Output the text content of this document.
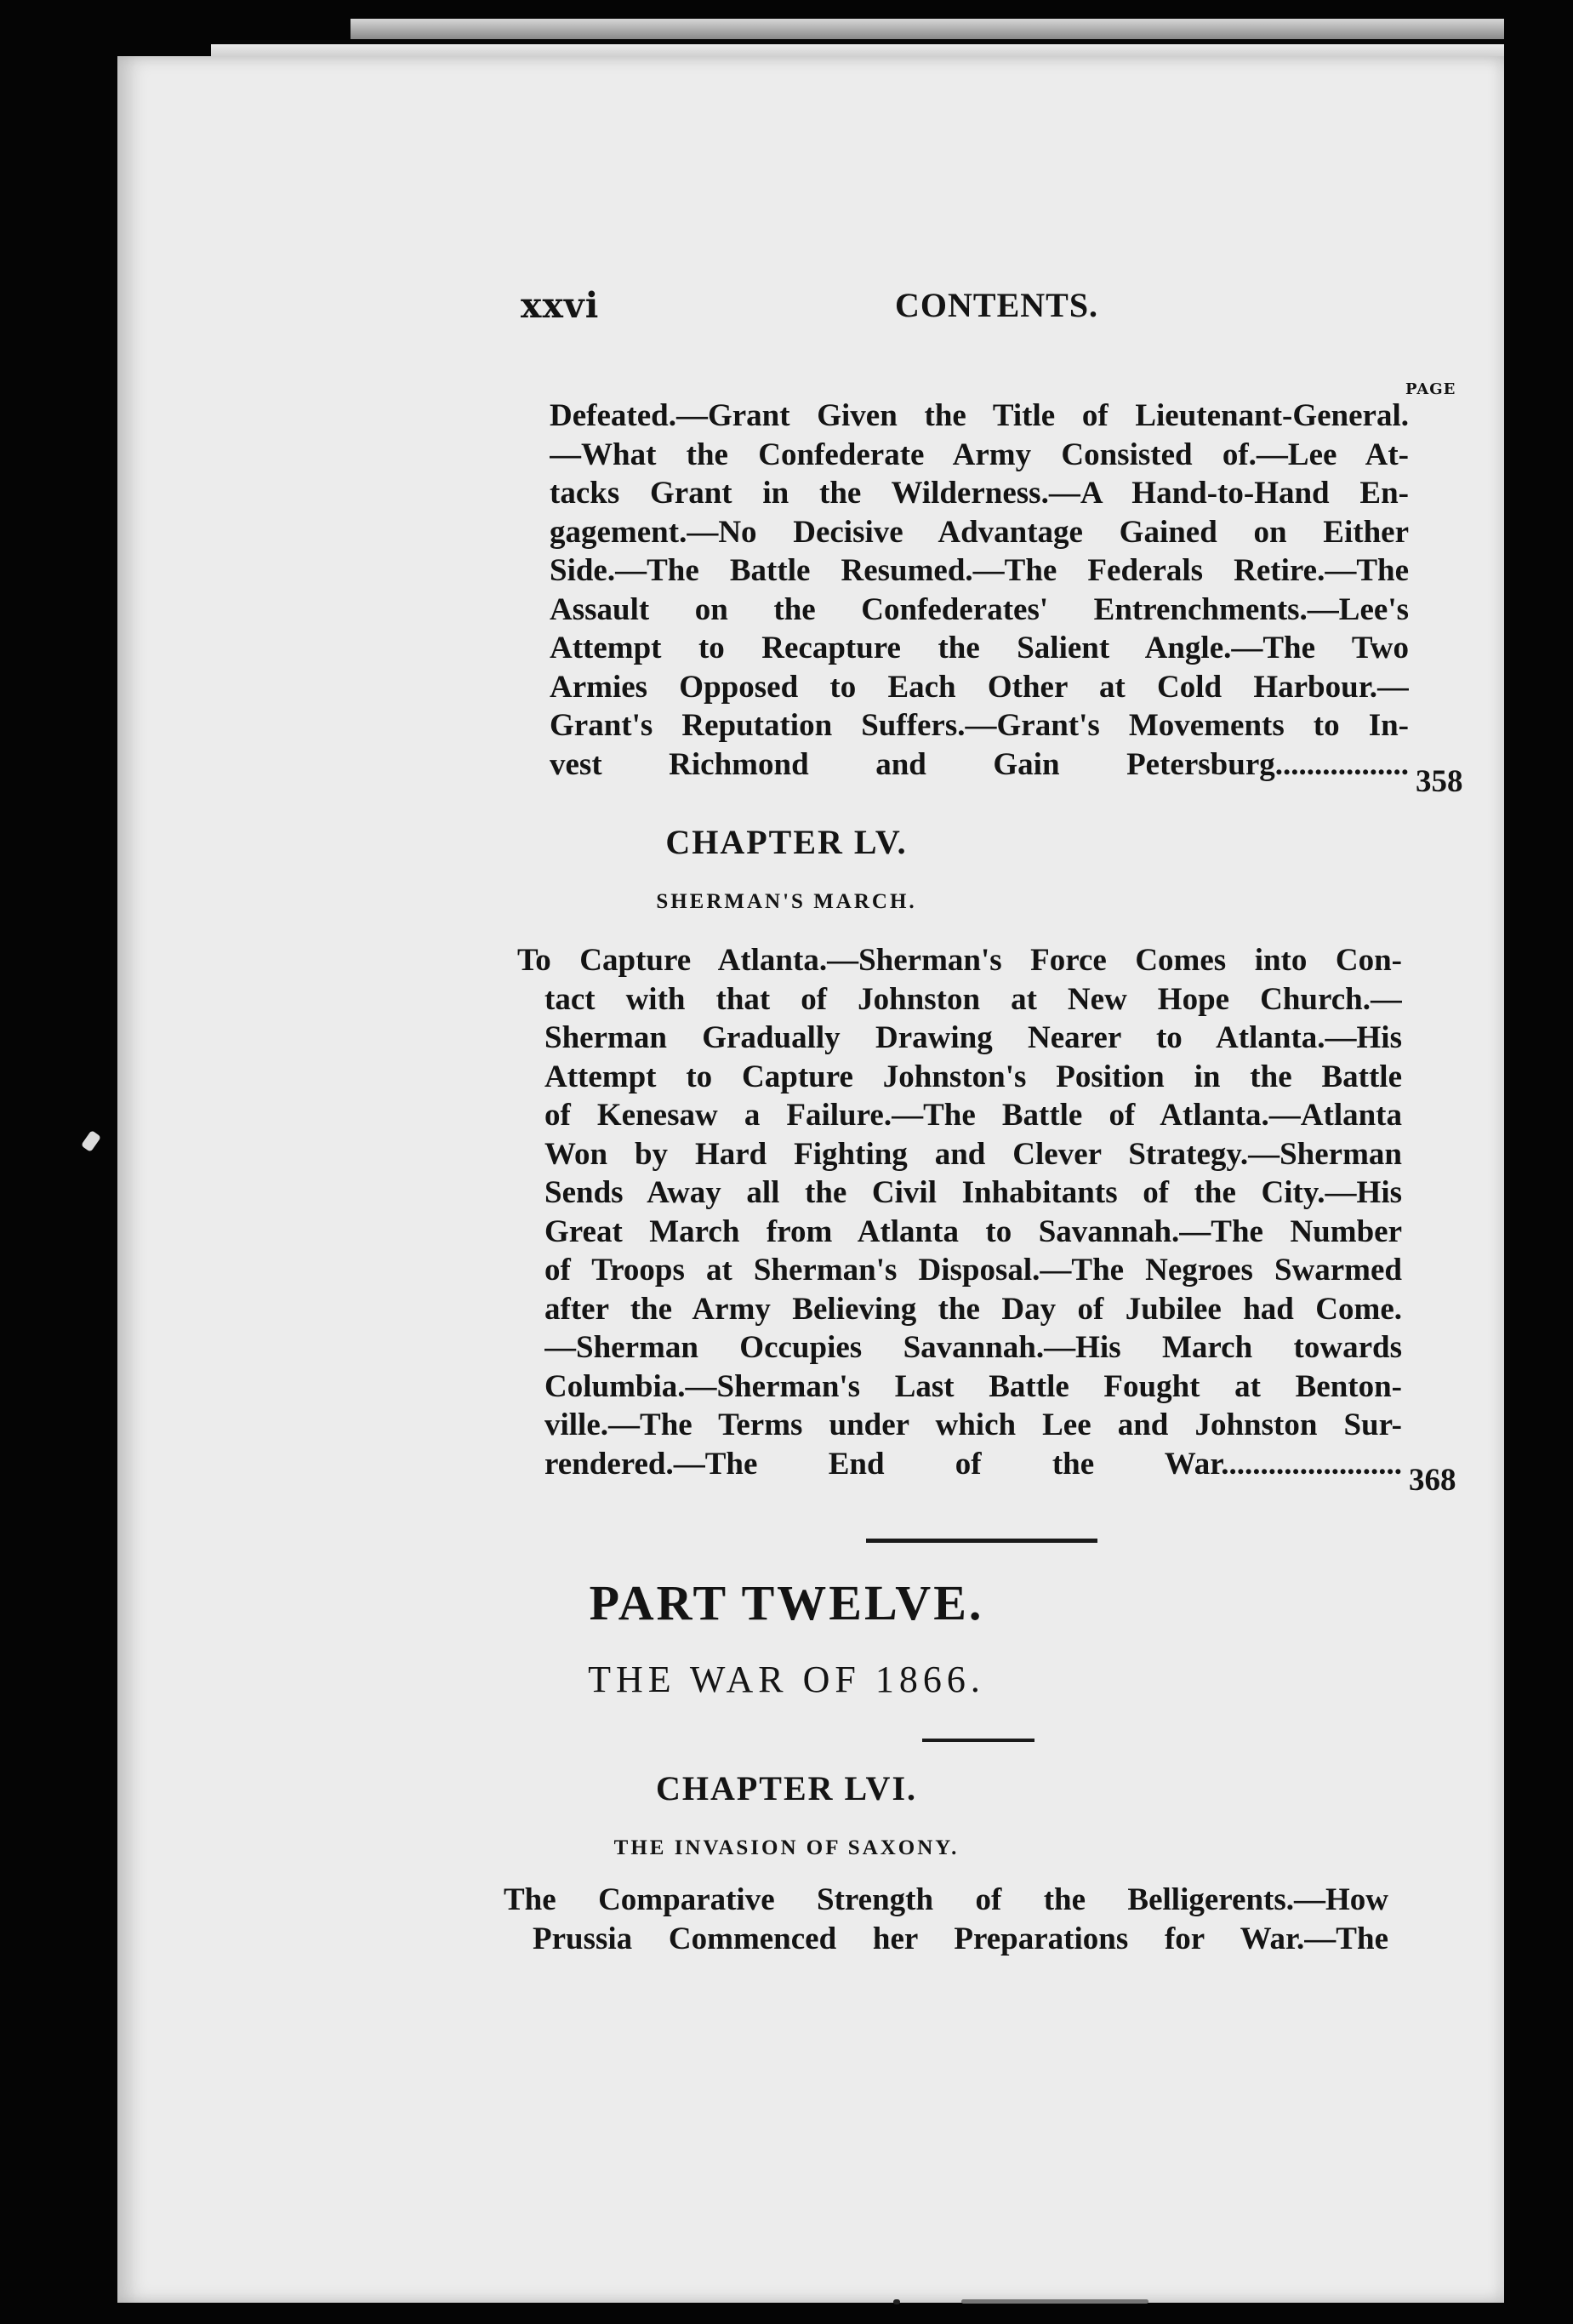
xxvi	CONTENTS.
PAGE
Defeated.—Grant Given the Title of Lieutenant-General.
—What the Confederate Army Consisted of.—Lee At-
tacks Grant in the Wilderness.—A Hand-to-Hand En-
gagement.—No Decisive Advantage Gained on Either
Side.—The Battle Resumed.—The Federals Retire.—The
Assault on the Confederates' Entrenchments.—Lee's
Attempt to Recapture the Salient Angle.—The Two
Armies Opposed to Each Other at Cold Harbour.—
Grant's Reputation Suffers.—Grant's Movements to In-
vest Richmond and Gain Petersburg................. 358
CHAPTER LV.
SHERMAN'S MARCH.
To Capture Atlanta.—Sherman's Force Comes into Con-
tact with that of Johnston at New Hope Church.—
Sherman Gradually Drawing Nearer to Atlanta.—His
Attempt to Capture Johnston's Position in the Battle
of Kenesaw a Failure.—The Battle of Atlanta.—Atlanta
Won by Hard Fighting and Clever Strategy.—Sherman
Sends Away all the Civil Inhabitants of the City.—His
Great March from Atlanta to Savannah.—The Number
of Troops at Sherman's Disposal.—The Negroes Swarmed
after the Army Believing the Day of Jubilee had Come.
—Sherman Occupies Savannah.—His March towards
Columbia.—Sherman's Last Battle Fought at Benton-
ville.—The Terms under which Lee and Johnston Sur-
rendered.—The End of the War....................... 368
PART TWELVE.
THE WAR OF 1866.
CHAPTER LVI.
THE INVASION OF SAXONY.
The Comparative Strength of the Belligerents.—How
Prussia Commenced her Preparations for War.—The
